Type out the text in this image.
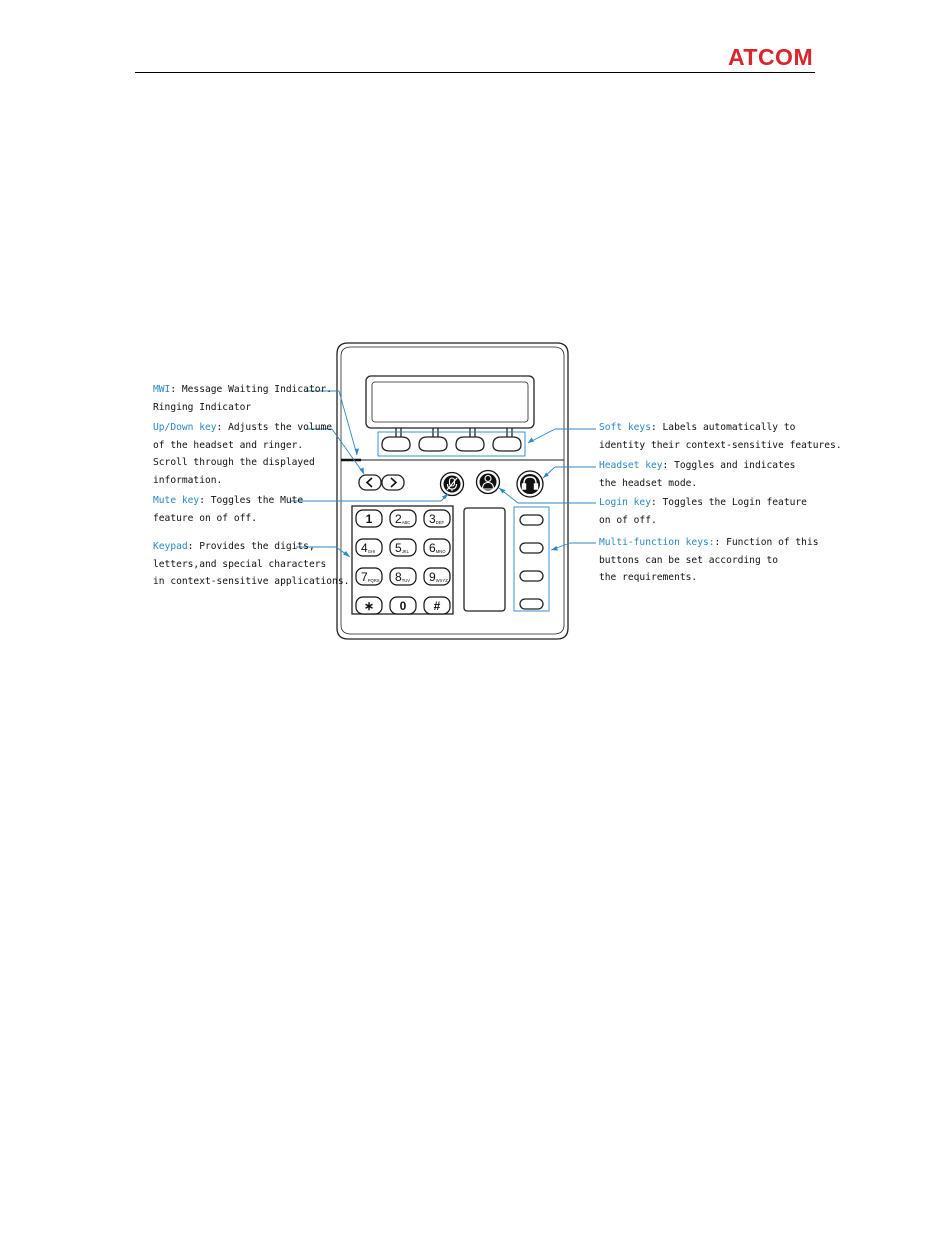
ATCOM
1 2ABC 3DEF
4GHI 5JKL 6MNO
7PQRS 8TUV 9WXYZ
∗ 0 #
MWI: Message Waiting Indicator.
Ringing Indicator
Up/Down key: Adjusts the volume
of the headset and ringer.
Scroll through the displayed
information.
Mute key: Toggles the Mute
feature on of off.
Keypad: Provides the digits,
letters,and special characters
in context-sensitive applications.
Soft keys: Labels automatically to
identity their context-sensitive features.
Headset key: Toggles and indicates
the headset mode.
Login key: Toggles the Login feature
on of off.
Multi-function keys:: Function of this
buttons can be set according to
the requirements.
